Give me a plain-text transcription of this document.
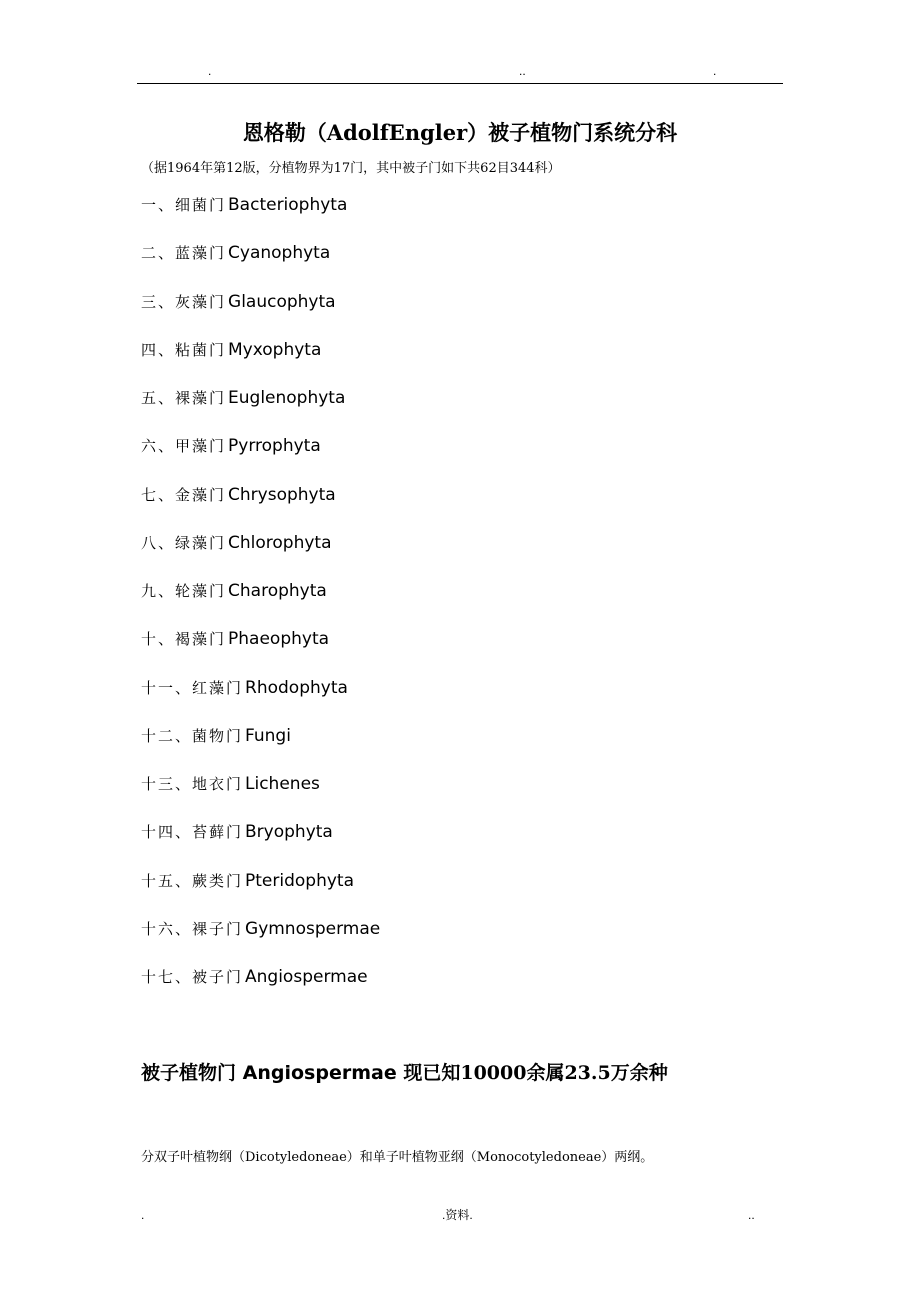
.	..	.
恩格勒（AdolfEngler）被子植物门系统分科
（据1964年第12版，分植物界为17门，其中被子门如下共62目344科）
一、细菌门 Bacteriophyta
二、蓝藻门 Cyanophyta
三、灰藻门 Glaucophyta
四、粘菌门 Myxophyta
五、裸藻门 Euglenophyta
六、甲藻门 Pyrrophyta
七、金藻门 Chrysophyta
八、绿藻门 Chlorophyta
九、轮藻门 Charophyta
十、褐藻门 Phaeophyta
十一、红藻门 Rhodophyta
十二、菌物门 Fungi
十三、地衣门 Lichenes
十四、苔藓门 Bryophyta
十五、蕨类门 Pteridophyta
十六、裸子门 Gymnospermae
十七、被子门 Angiospermae
被子植物门 Angiospermae 现已知10000余属23.5万余种
分双子叶植物纲（Dicotyledoneae）和单子叶植物亚纲（Monocotyledoneae）两纲。
.	.资料.	..
